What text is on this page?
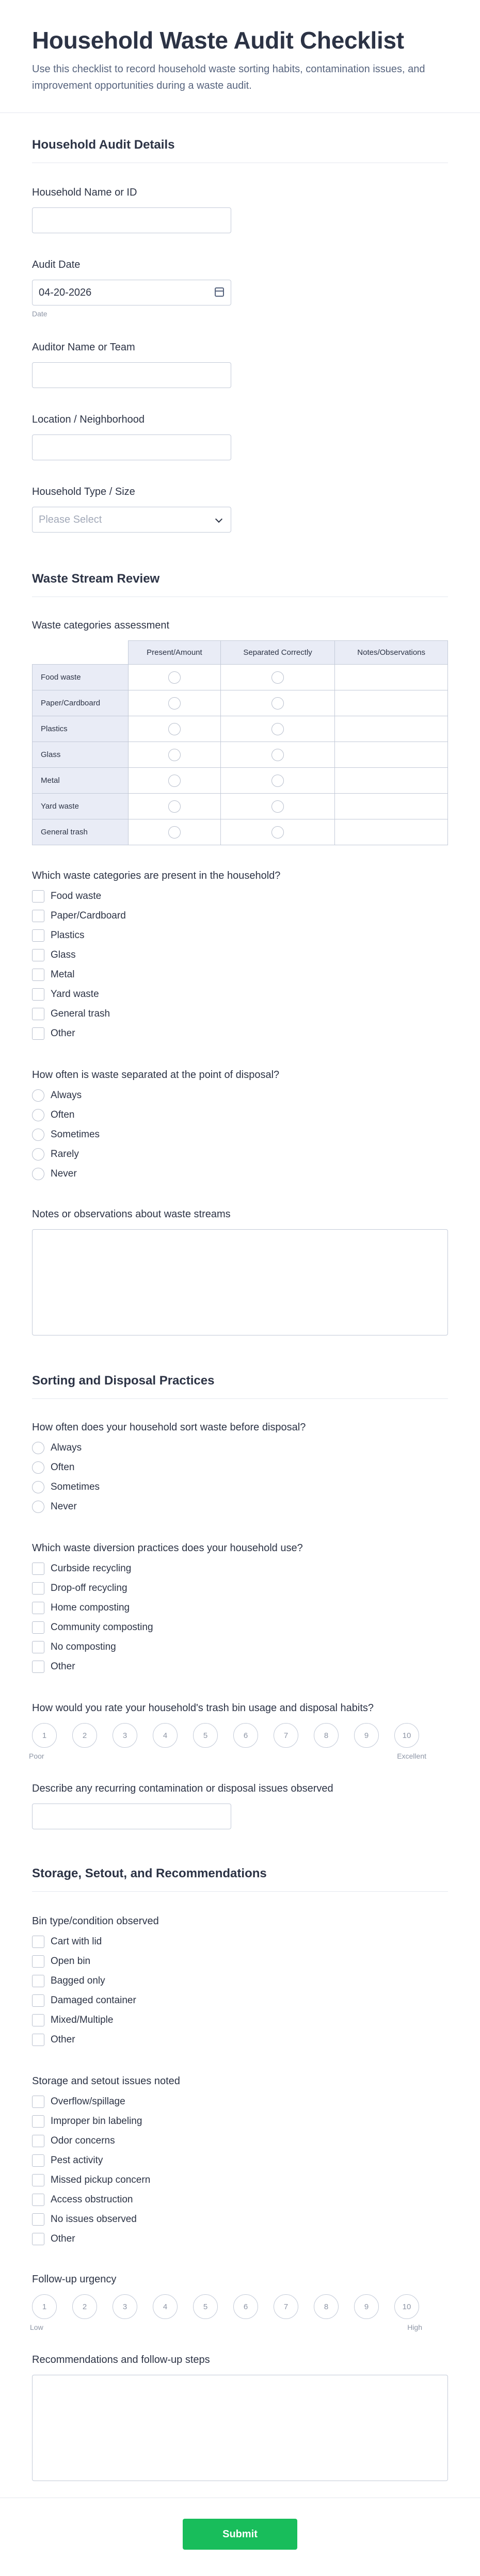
Household Waste Audit Checklist

Use this checklist to record household waste sorting habits, contamination issues, and improvement opportunities during a waste audit.

Household Audit Details
Household Name or ID
Audit Date
04-20-2026
Date
Auditor Name or Team
Location / Neighborhood
Household Type / Size
Please Select
Waste Stream Review
Waste categories assessment
	Present/Amount	Separated Correctly	Notes/Observations
Food waste			
Paper/Cardboard			
Plastics			
Glass			
Metal			
Yard waste			
General trash			
Which waste categories are present in the household?
Food waste
Paper/Cardboard
Plastics
Glass
Metal
Yard waste
General trash
Other
How often is waste separated at the point of disposal?
Always
Often
Sometimes
Rarely
Never
Notes or observations about waste streams
Sorting and Disposal Practices
How often does your household sort waste before disposal?
Always
Often
Sometimes
Never
Which waste diversion practices does your household use?
Curbside recycling
Drop-off recycling
Home composting
Community composting
No composting
Other
How would you rate your household's trash bin usage and disposal habits?
1	2	3	4	5	6	7	8	9	10
Poor	Excellent
Describe any recurring contamination or disposal issues observed
Storage, Setout, and Recommendations
Bin type/condition observed
Cart with lid
Open bin
Bagged only
Damaged container
Mixed/Multiple
Other
Storage and setout issues noted
Overflow/spillage
Improper bin labeling
Odor concerns
Pest activity
Missed pickup concern
Access obstruction
No issues observed
Other
Follow-up urgency
1	2	3	4	5	6	7	8	9	10
Low	High
Recommendations and follow-up steps
Submit
